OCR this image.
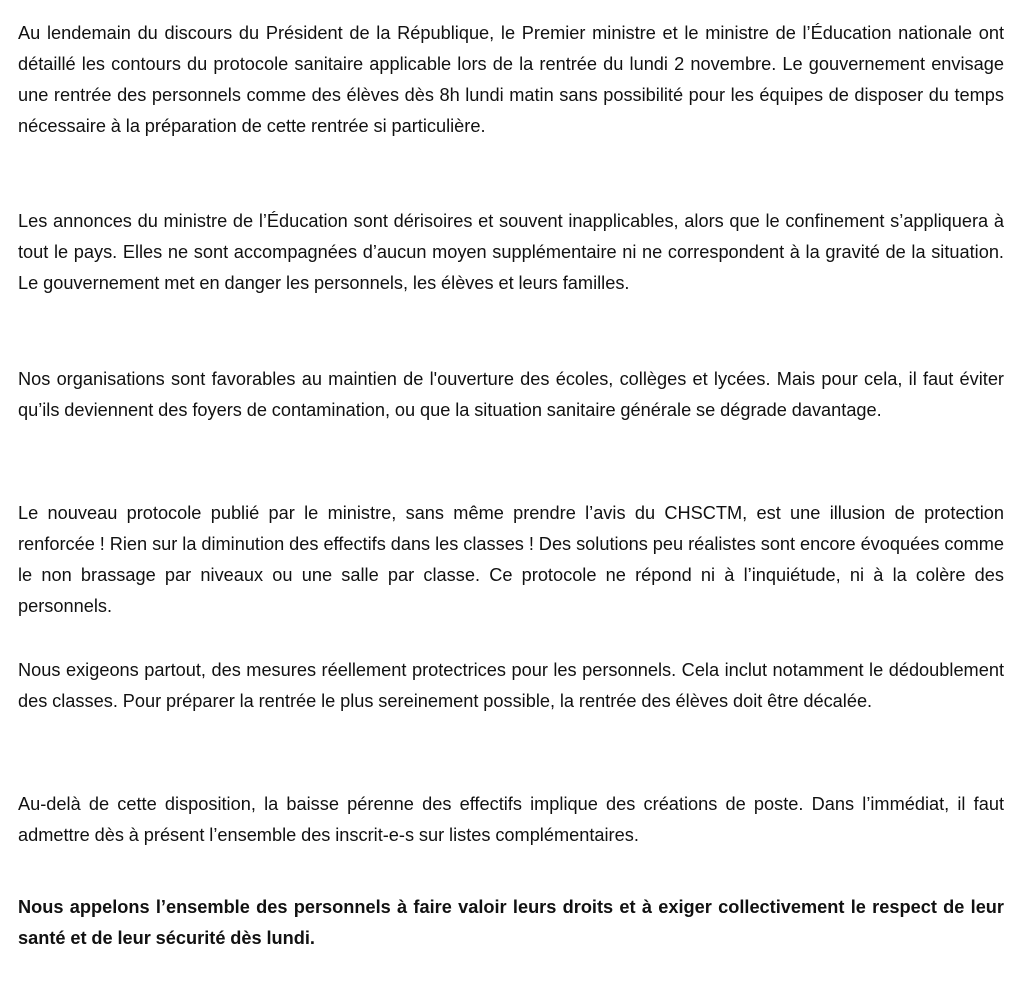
Au lendemain du discours du Président de la République, le Premier ministre et le ministre de l’Éducation nationale ont détaillé les contours du protocole sanitaire applicable lors de la rentrée du lundi 2 novembre. Le gouvernement envisage une rentrée des personnels comme des élèves dès 8h lundi matin sans possibilité pour les équipes de disposer du temps nécessaire à la préparation de cette rentrée si particulière.

Les annonces du ministre de l’Éducation sont dérisoires et souvent inapplicables, alors que le confinement s’appliquera à tout le pays. Elles ne sont accompagnées d’aucun moyen supplémentaire ni ne correspondent à la gravité de la situation. Le gouvernement met en danger les personnels, les élèves et leurs familles.

Nos organisations sont favorables au maintien de l'ouverture des écoles, collèges et lycées. Mais pour cela, il faut éviter qu’ils deviennent des foyers de contamination, ou que la situation sanitaire générale se dégrade davantage.

Le nouveau protocole publié par le ministre, sans même prendre l’avis du CHSCTM, est une illusion de protection renforcée ! Rien sur la diminution des effectifs dans les classes ! Des solutions peu réalistes sont encore évoquées comme le non brassage par niveaux ou une salle par classe. Ce protocole ne répond ni à l’inquiétude, ni à la colère des personnels.

Nous exigeons partout, des mesures réellement protectrices pour les personnels. Cela inclut notamment le dédoublement des classes. Pour préparer la rentrée le plus sereinement possible, la rentrée des élèves doit être décalée.

Au-delà de cette disposition, la baisse pérenne des effectifs implique des créations de poste. Dans l’immédiat, il faut admettre dès à présent l’ensemble des inscrit-e-s sur listes complémentaires.

Nous appelons l’ensemble des personnels à faire valoir leurs droits et à exiger collectivement le respect de leur santé et de leur sécurité dès lundi.
